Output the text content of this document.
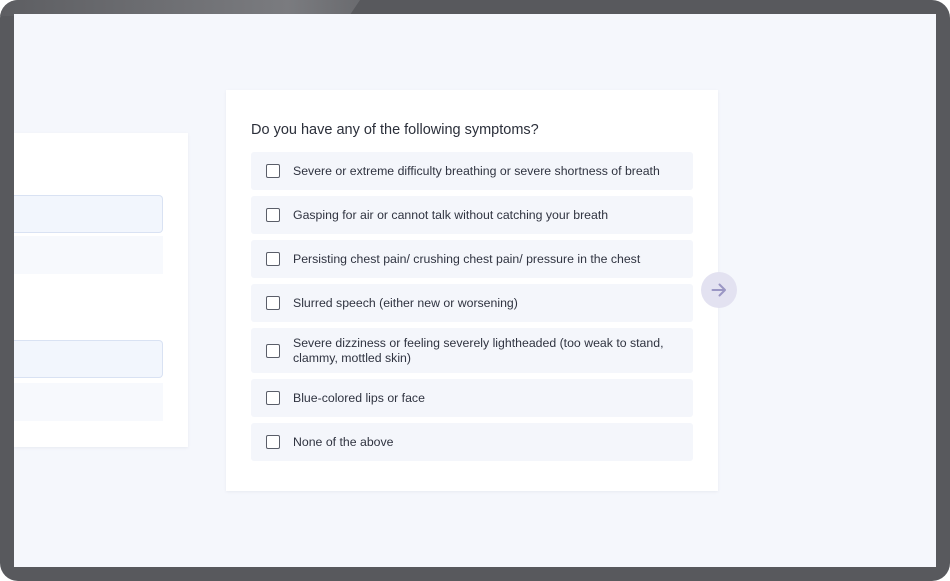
Do you have any of the following symptoms?
Severe or extreme difficulty breathing or severe shortness of breath
Gasping for air or cannot talk without catching your breath
Persisting chest pain/ crushing chest pain/ pressure in the chest
Slurred speech (either new or worsening)
Severe dizziness or feeling severely lightheaded (too weak to stand, clammy, mottled skin)
Blue-colored lips or face
None of the above
